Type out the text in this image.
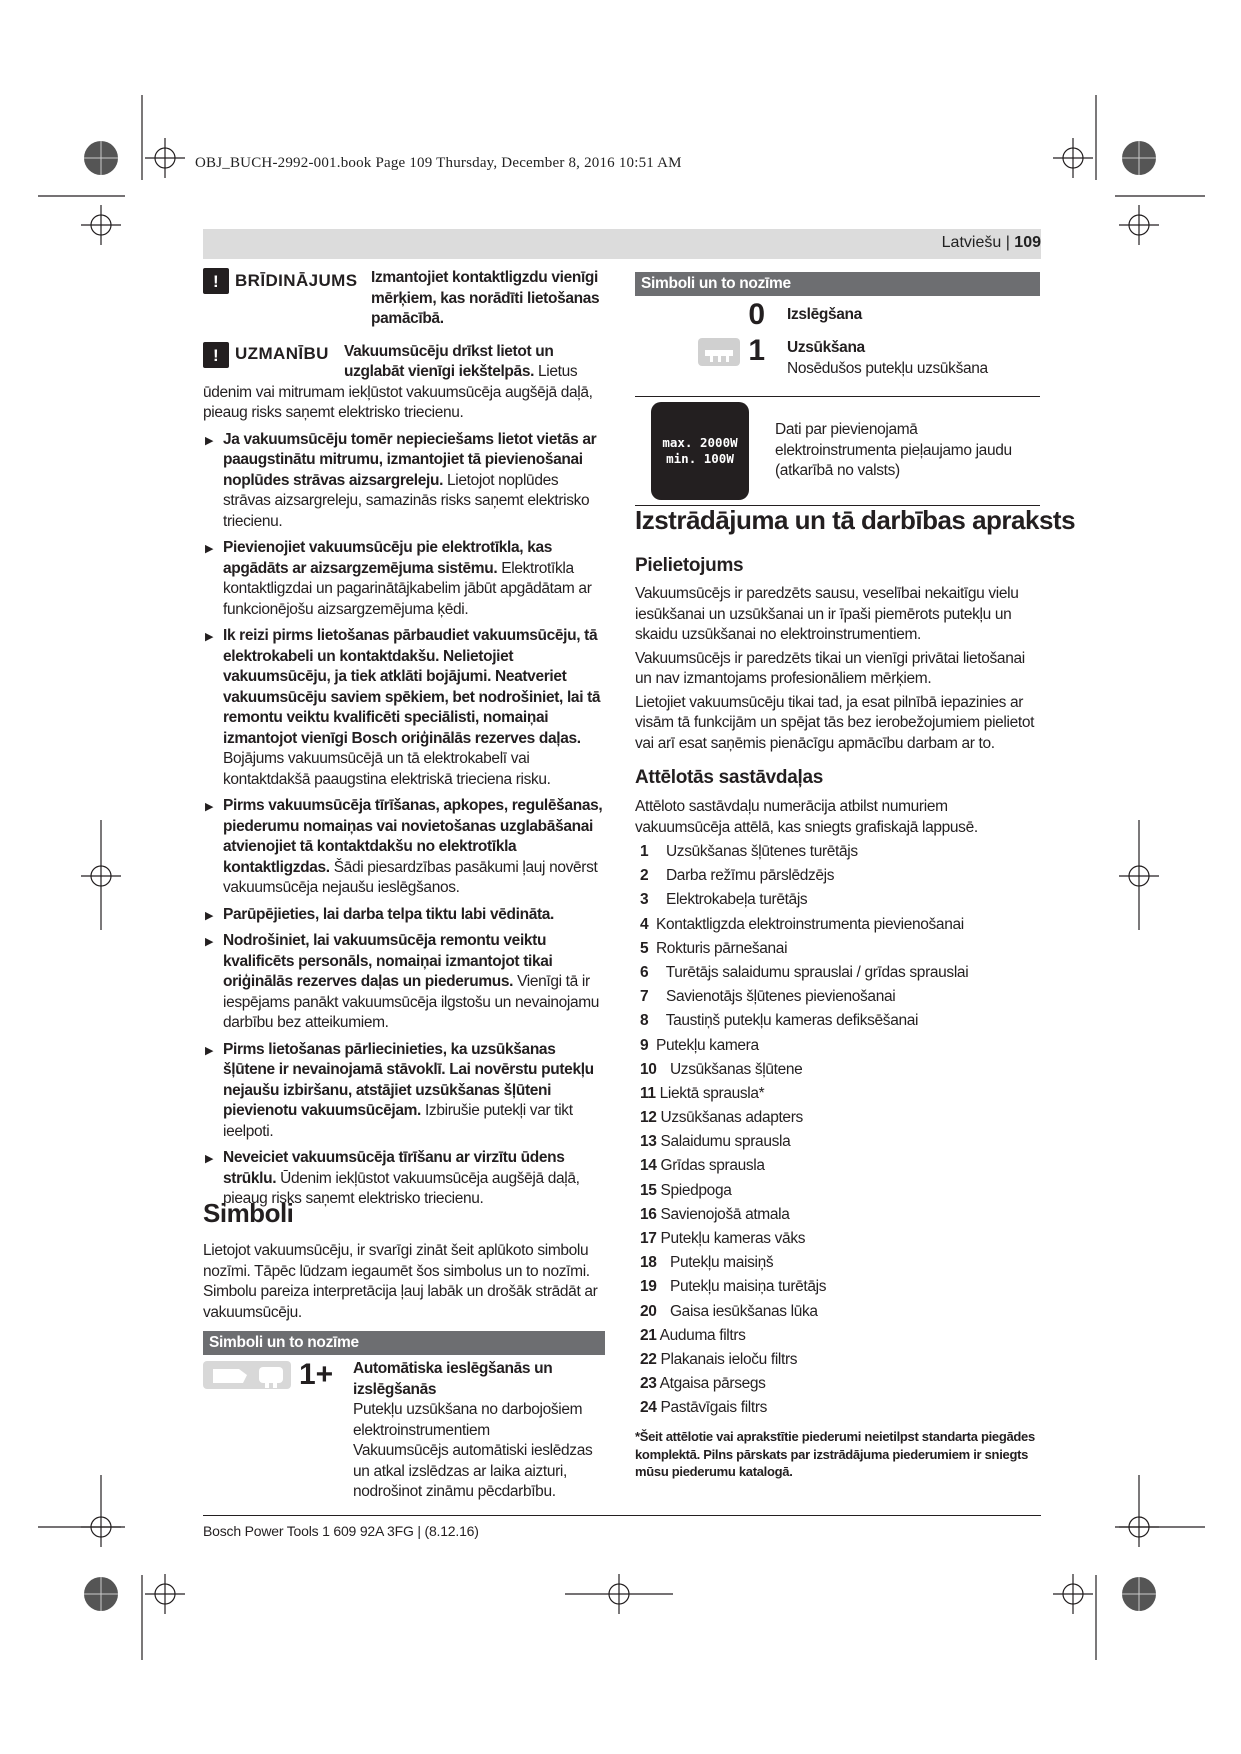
OBJ_BUCH-2992-001.book Page 109 Thursday, December 8, 2016 10:51 AM
Latviešu | 109
! BRĪDINĀJUMS Izmantojiet kontaktligzdu vienīgi mērķiem, kas norādīti lietošanas pamācībā.
! UZMANĪBU Vakuumsūcēju drīkst lietot un uzglabāt vienīgi iekštelpās. Lietus ūdenim vai mitrumam iekļūstot vakuumsūcēja augšējā daļā, pieaug risks saņemt elektrisko triecienu.
▶ Ja vakuumsūcēju tomēr nepieciešams lietot vietās ar paaugstinātu mitrumu, izmantojiet tā pievienošanai noplūdes strāvas aizsargreleju. Lietojot noplūdes strāvas aizsargreleju, samazinās risks saņemt elektrisko triecienu.
▶ Pievienojiet vakuumsūcēju pie elektrotīkla, kas apgādāts ar aizsargzemējuma sistēmu. Elektrotīkla kontaktligzdai un pagarinātājkabelim jābūt apgādātam ar funkcionējošu aizsargzemējuma ķēdi.
▶ Ik reizi pirms lietošanas pārbaudiet vakuumsūcēju, tā elektrokabeli un kontaktdakšu. Nelietojiet vakuumsūcēju, ja tiek atklāti bojājumi. Neatveriet vakuumsūcēju saviem spēkiem, bet nodrošiniet, lai tā remontu veiktu kvalificēti speciālisti, nomaiņai izmantojot vienīgi Bosch oriģinālās rezerves daļas. Bojājums vakuumsūcējā un tā elektrokabelī vai kontaktdakšā paaugstina elektriskā trieciena risku.
▶ Pirms vakuumsūcēja tīrīšanas, apkopes, regulēšanas, piederumu nomaiņas vai novietošanas uzglabāšanai atvienojiet tā kontaktdakšu no elektrotīkla kontaktligzdas. Šādi piesardzības pasākumi ļauj novērst vakuumsūcēja nejaušu ieslēgšanos.
▶ Parūpējieties, lai darba telpa tiktu labi vēdināta.
▶ Nodrošiniet, lai vakuumsūcēja remontu veiktu kvalificēts personāls, nomaiņai izmantojot tikai oriģinālās rezerves daļas un piederumus. Vienīgi tā ir iespējams panākt vakuumsūcēja ilgstošu un nevainojamu darbību bez atteikumiem.
▶ Pirms lietošanas pārliecinieties, ka uzsūkšanas šļūtene ir nevainojamā stāvoklī. Lai novērstu putekļu nejaušu izbiršanu, atstājiet uzsūkšanas šļūteni pievienotu vakuumsūcējam. Izbirušie putekļi var tikt ieelpoti.
▶ Neveiciet vakuumsūcēja tīrīšanu ar virzītu ūdens strūklu. Ūdenim iekļūstot vakuumsūcēja augšējā daļā, pieaug risks saņemt elektrisko triecienu.
Simboli
Lietojot vakuumsūcēju, ir svarīgi zināt šeit aplūkoto simbolu nozīmi. Tāpēc lūdzam iegaumēt šos simbolus un to nozīmi. Simbolu pareiza interpretācija ļauj labāk un drošāk strādāt ar vakuumsūcēju.
Simboli un to nozīme
1+ Automātiska ieslēgšanās un izslēgšanās
Putekļu uzsūkšana no darbojošiem elektroinstrumentiem
Vakuumsūcējs automātiski ieslēdzas un atkal izslēdzas ar laika aizturi, nodrošinot zināmu pēcdarbību.
Simboli un to nozīme
0	Izslēgšana
1 Uzsūkšana
Nosēdušos putekļu uzsūkšana
max. 2000W
min. 100W
Dati par pievienojamā elektroinstrumenta pieļaujamo jaudu (atkarībā no valsts)
Izstrādājuma un tā darbības apraksts
Pielietojums
Vakuumsūcējs ir paredzēts sausu, veselībai nekaitīgu vielu iesūkšanai un uzsūkšanai un ir īpaši piemērots putekļu un skaidu uzsūkšanai no elektroinstrumentiem.
Vakuumsūcējs ir paredzēts tikai un vienīgi privātai lietošanai un nav izmantojams profesionāliem mērķiem.
Lietojiet vakuumsūcēju tikai tad, ja esat pilnībā iepazinies ar visām tā funkcijām un spējat tās bez ierobežojumiem pielietot vai arī esat saņēmis pienācīgu apmācību darbam ar to.
Attēlotās sastāvdaļas
Attēloto sastāvdaļu numerācija atbilst numuriem vakuumsūcēja attēlā, kas sniegts grafiskajā lappusē.
1 Uzsūkšanas šļūtenes turētājs
2 Darba režīmu pārslēdzējs
3 Elektrokabeļa turētājs
4 Kontaktligzda elektroinstrumenta pievienošanai
5 Rokturis pārnešanai
6 Turētājs salaidumu sprauslai / grīdas sprauslai
7 Savienotājs šļūtenes pievienošanai
8 Taustiņš putekļu kameras defiksēšanai
9 Putekļu kamera
10 Uzsūkšanas šļūtene
11 Liektā sprausla*
12 Uzsūkšanas adapters
13 Salaidumu sprausla
14 Grīdas sprausla
15 Spiedpoga
16 Savienojošā atmala
17 Putekļu kameras vāks
18 Putekļu maisiņš
19 Putekļu maisiņa turētājs
20 Gaisa iesūkšanas lūka
21 Auduma filtrs
22 Plakanais ieloču filtrs
23 Atgaisa pārsegs
24 Pastāvīgais filtrs
*Šeit attēlotie vai aprakstītie piederumi neietilpst standarta piegādes komplektā. Pilns pārskats par izstrādājuma piederumiem ir sniegts mūsu piederumu katalogā.
Bosch Power Tools 1 609 92A 3FG | (8.12.16)
